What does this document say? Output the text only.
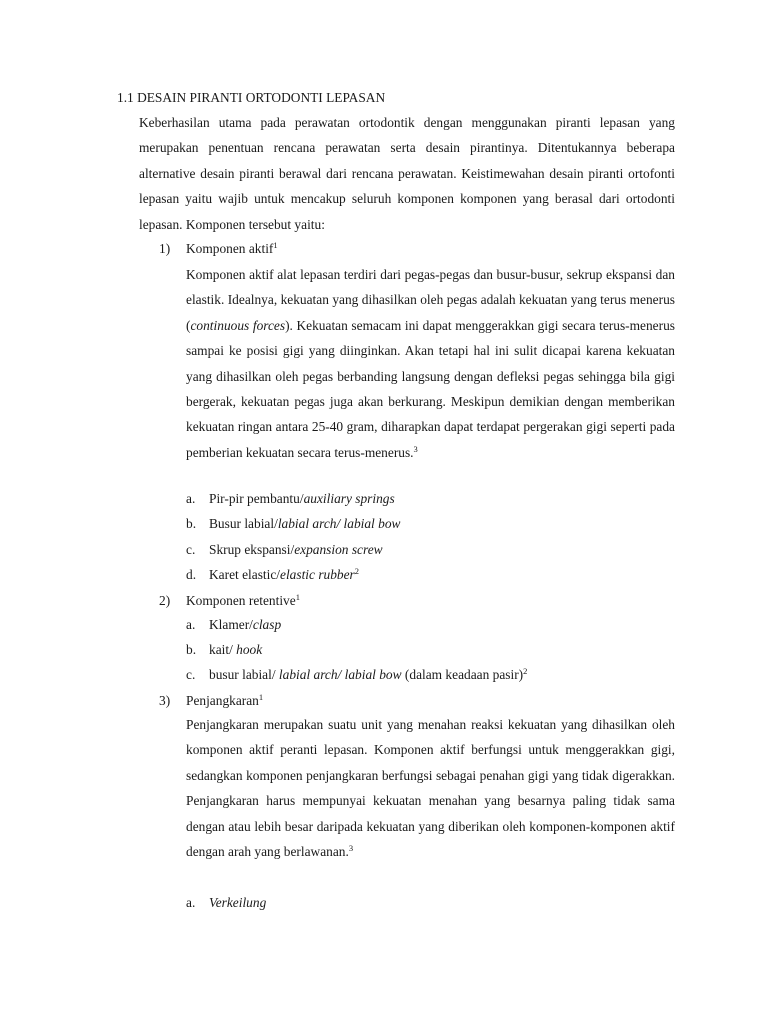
1.1 DESAIN PIRANTI ORTODONTI LEPASAN

Keberhasilan utama pada perawatan ortodontik dengan menggunakan piranti lepasan yang merupakan penentuan rencana perawatan serta desain pirantinya. Ditentukannya beberapa alternative desain piranti berawal dari rencana perawatan. Keistimewahan desain piranti ortofonti lepasan yaitu wajib untuk mencakup seluruh komponen komponen yang berasal dari ortodonti lepasan. Komponen tersebut yaitu:

1) Komponen aktif$^1$

Komponen aktif alat lepasan terdiri dari pegas-pegas dan busur-busur, sekrup ekspansi dan elastik. Idealnya, kekuatan yang dihasilkan oleh pegas adalah kekuatan yang terus menerus (continuous forces). Kekuatan semacam ini dapat menggerakkan gigi secara terus-menerus sampai ke posisi gigi yang diinginkan. Akan tetapi hal ini sulit dicapai karena kekuatan yang dihasilkan oleh pegas berbanding langsung dengan defleksi pegas sehingga bila gigi bergerak, kekuatan pegas juga akan berkurang. Meskipun demikian dengan memberikan kekuatan ringan antara 25-40 gram, diharapkan dapat terdapat pergerakan gigi seperti pada pemberian kekuatan secara terus-menerus.$^3$

a. Pir-pir pembantu/auxiliary springs
b. Busur labial/labial arch/ labial bow
c. Skrup ekspansi/expansion screw
d. Karet elastic/elastic rubber$^2$
2) Komponen retentive$^1$
a. Klamer/clasp
b. kait/ hook
c. busur labial/ labial arch/ labial bow (dalam keadaan pasir)$^2$
3) Penjangkaran$^1$

Penjangkaran merupakan suatu unit yang menahan reaksi kekuatan yang dihasilkan oleh komponen aktif peranti lepasan. Komponen aktif berfungsi untuk menggerakkan gigi, sedangkan komponen penjangkaran berfungsi sebagai penahan gigi yang tidak digerakkan. Penjangkaran harus mempunyai kekuatan menahan yang besarnya paling tidak sama dengan atau lebih besar daripada kekuatan yang diberikan oleh komponen-komponen aktif dengan arah yang berlawanan.$^3$

a. Verkeilung
